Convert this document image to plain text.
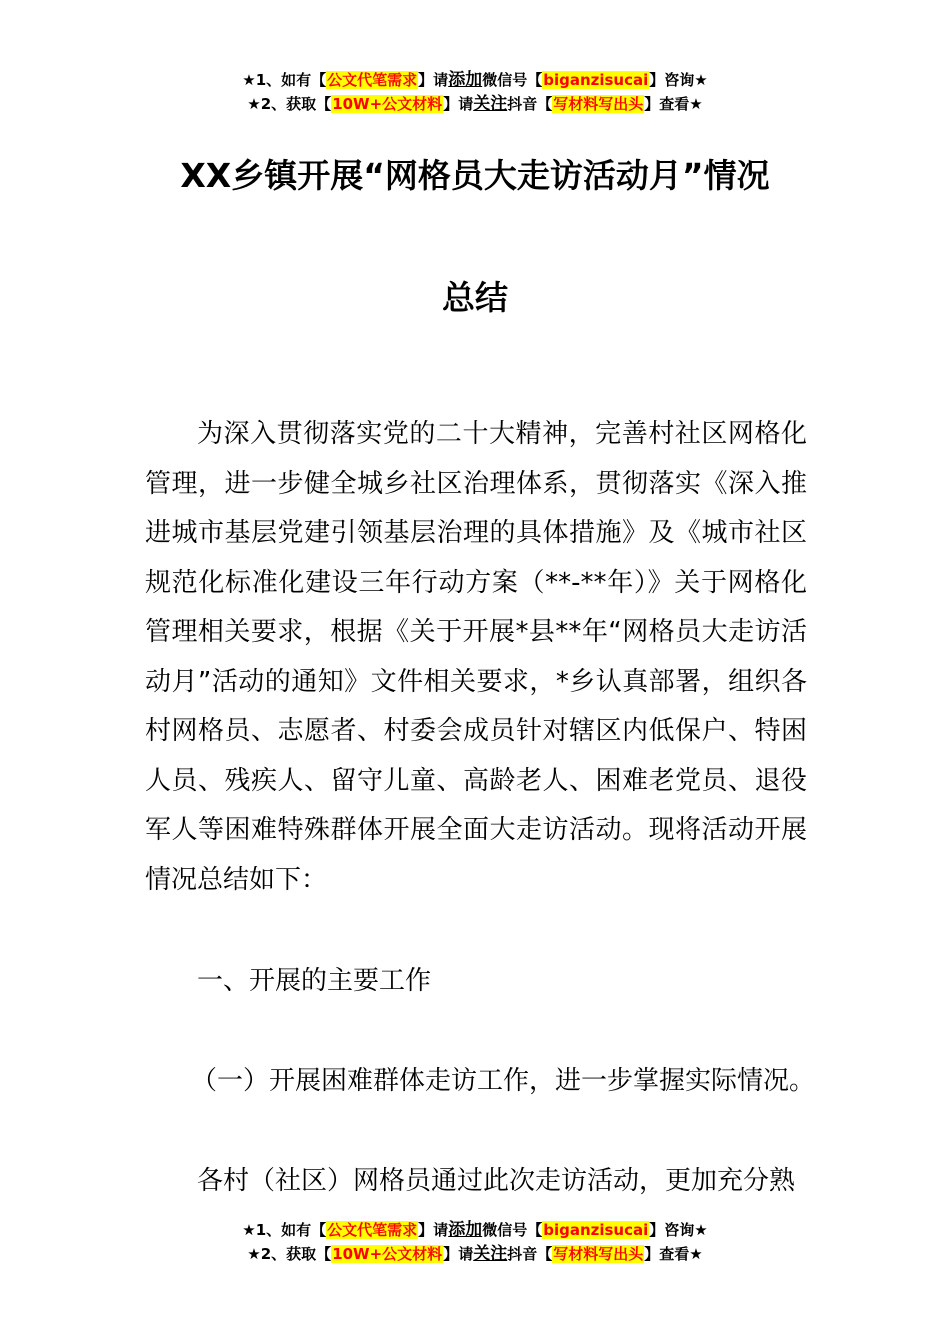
★1、如有【公文代笔需求】请添加微信号【biganzisucai】咨询★
★2、获取【10W+公文材料】请关注抖音【写材料写出头】查看★
XX乡镇开展“网格员大走访活动月”情况
总结

为深入贯彻落实党的二十大精神，完善村社区网格化管理，进一步健全城乡社区治理体系，贯彻落实《深入推进城市基层党建引领基层治理的具体措施》及《城市社区规范化标准化建设三年行动方案（**-**年）》关于网格化管理相关要求，根据《关于开展*县**年“网格员大走访活动月”活动的通知》文件相关要求，*乡认真部署，组织各村网格员、志愿者、村委会成员针对辖区内低保户、特困人员、残疾人、留守儿童、高龄老人、困难老党员、退役军人等困难特殊群体开展全面大走访活动。现将活动开展情况总结如下：

一、开展的主要工作

（一）开展困难群体走访工作，进一步掌握实际情况。

各村（社区）网格员通过此次走访活动，更加充分熟

★1、如有【公文代笔需求】请添加微信号【biganzisucai】咨询★
★2、获取【10W+公文材料】请关注抖音【写材料写出头】查看★
